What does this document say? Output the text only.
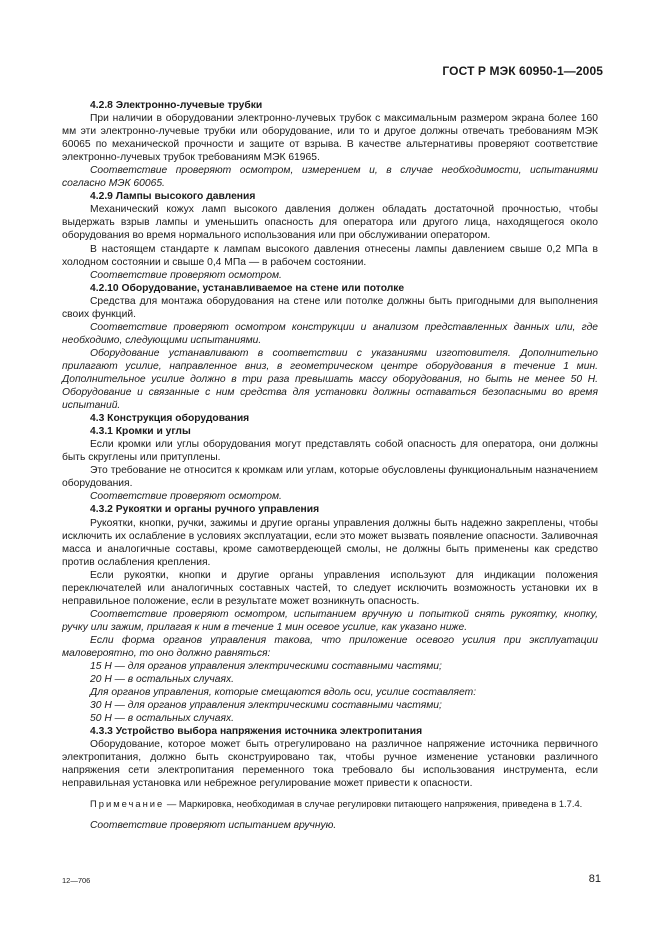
ГОСТ Р МЭК 60950-1—2005

4.2.8 Электронно-лучевые трубки

При наличии в оборудовании электронно-лучевых трубок с максимальным размером экрана более 160 мм эти электронно-лучевые трубки или оборудование, или то и другое должны отвечать требованиям МЭК 60065 по механической прочности и защите от взрыва. В качестве альтернативы проверяют соответствие электронно-лучевых трубок требованиям МЭК 61965.

Соответствие проверяют осмотром, измерением и, в случае необходимости, испытаниями согласно МЭК 60065.

4.2.9 Лампы высокого давления

Механический кожух ламп высокого давления должен обладать достаточной прочностью, чтобы выдержать взрыв лампы и уменьшить опасность для оператора или другого лица, находящегося около оборудования во время нормального использования или при обслуживании оператором.

В настоящем стандарте к лампам высокого давления отнесены лампы давлением свыше 0,2 МПа в холодном состоянии и свыше 0,4 МПа — в рабочем состоянии.

Соответствие проверяют осмотром.

4.2.10 Оборудование, устанавливаемое на стене или потолке

Средства для монтажа оборудования на стене или потолке должны быть пригодными для выполнения своих функций.

Соответствие проверяют осмотром конструкции и анализом представленных данных или, где необходимо, следующими испытаниями.

Оборудование устанавливают в соответствии с указаниями изготовителя. Дополнительно прилагают усилие, направленное вниз, в геометрическом центре оборудования в течение 1 мин. Дополнительное усилие должно в три раза превышать массу оборудования, но быть не менее 50 Н. Оборудование и связанные с ним средства для установки должны оставаться безопасными во время испытаний.

4.3 Конструкция оборудования

4.3.1 Кромки и углы

Если кромки или углы оборудования могут представлять собой опасность для оператора, они должны быть скруглены или притуплены.

Это требование не относится к кромкам или углам, которые обусловлены функциональным назначением оборудования.

Соответствие проверяют осмотром.

4.3.2 Рукоятки и органы ручного управления

Рукоятки, кнопки, ручки, зажимы и другие органы управления должны быть надежно закреплены, чтобы исключить их ослабление в условиях эксплуатации, если это может вызвать появление опасности. Заливочная масса и аналогичные составы, кроме самотвердеющей смолы, не должны быть применены как средство против ослабления крепления.

Если рукоятки, кнопки и другие органы управления используют для индикации положения переключателей или аналогичных составных частей, то следует исключить возможность установки их в неправильное положение, если в результате может возникнуть опасность.

Соответствие проверяют осмотром, испытанием вручную и попыткой снять рукоятку, кнопку, ручку или зажим, прилагая к ним в течение 1 мин осевое усилие, как указано ниже.

Если форма органов управления такова, что приложение осевого усилия при эксплуатации маловероятно, то оно должно равняться:

15 Н — для органов управления электрическими составными частями;

20 Н — в остальных случаях.

Для органов управления, которые смещаются вдоль оси, усилие составляет:

30 Н — для органов управления электрическими составными частями;

50 Н — в остальных случаях.

4.3.3 Устройство выбора напряжения источника электропитания

Оборудование, которое может быть отрегулировано на различное напряжение источника первичного электропитания, должно быть сконструировано так, чтобы ручное изменение установки различного напряжения сети электропитания переменного тока требовало бы использования инструмента, если неправильная установка или небрежное регулирование может привести к опасности.

Примечание — Маркировка, необходимая в случае регулировки питающего напряжения, приведена в 1.7.4.

Соответствие проверяют испытанием вручную.

12—706	81
